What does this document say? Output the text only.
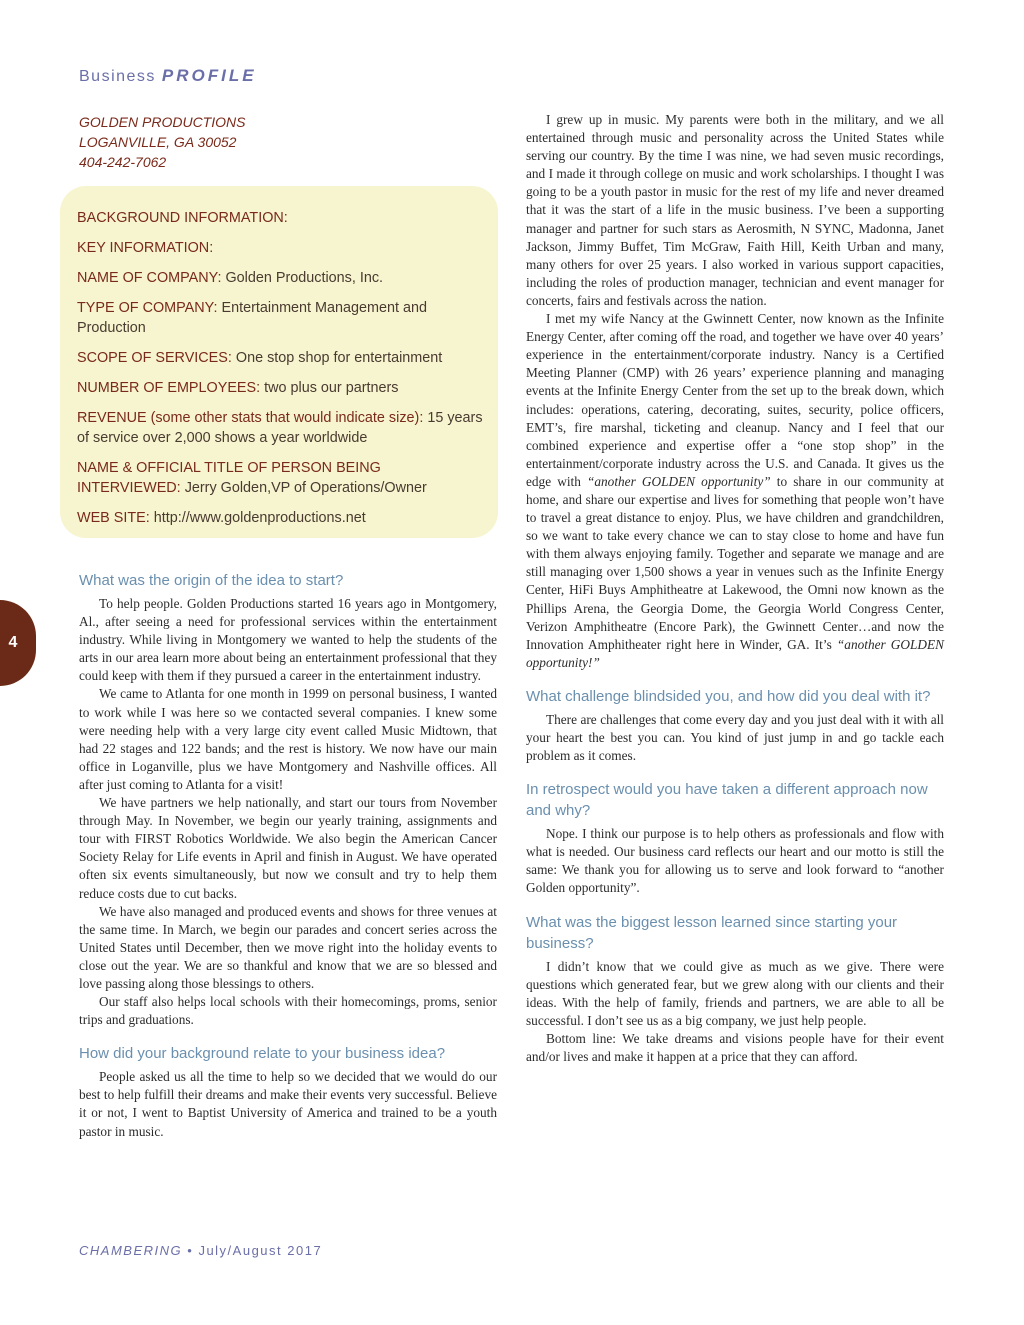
Business PROFILE
GOLDEN PRODUCTIONS
LOGANVILLE, GA 30052
404-242-7062

BACKGROUND INFORMATION:

KEY INFORMATION:

NAME OF COMPANY: Golden Productions, Inc.

TYPE OF COMPANY: Entertainment Management and Production

SCOPE OF SERVICES: One stop shop for entertainment

NUMBER OF EMPLOYEES: two plus our partners

REVENUE (some other stats that would indicate size): 15 years of service over 2,000 shows a year worldwide

NAME & OFFICIAL TITLE OF PERSON BEING INTERVIEWED: Jerry Golden,VP of Operations/Owner

WEB SITE: http://www.goldenproductions.net

4
What was the origin of the idea to start?

To help people. Golden Productions started 16 years ago in Montgomery, Al., after seeing a need for professional services within the entertainment industry. While living in Montgomery we wanted to help the students of the arts in our area learn more about being an entertainment professional that they could keep with them if they pursued a career in the entertainment industry.

We came to Atlanta for one month in 1999 on personal business, I wanted to work while I was here so we contacted several companies. I knew some were needing help with a very large city event called Music Midtown, that had 22 stages and 122 bands; and the rest is history. We now have our main office in Loganville, plus we have Montgomery and Nashville offices. All after just coming to Atlanta for a visit!

We have partners we help nationally, and start our tours from November through May. In November, we begin our yearly training, assignments and tour with FIRST Robotics Worldwide. We also begin the American Cancer Society Relay for Life events in April and finish in August. We have operated often six events simultaneously, but now we consult and try to help them reduce costs due to cut backs.

We have also managed and produced events and shows for three venues at the same time. In March, we begin our parades and concert series across the United States until December, then we move right into the holiday events to close out the year. We are so thankful and know that we are so blessed and love passing along those blessings to others.

Our staff also helps local schools with their homecomings, proms, senior trips and graduations.

How did your background relate to your business idea?

People asked us all the time to help so we decided that we would do our best to help fulfill their dreams and make their events very successful. Believe it or not, I went to Baptist University of America and trained to be a youth pastor in music.

I grew up in music. My parents were both in the military, and we all entertained through music and personality across the United States while serving our country. By the time I was nine, we had seven music recordings, and I made it through college on music and work scholarships. I thought I was going to be a youth pastor in music for the rest of my life and never dreamed that it was the start of a life in the music business. I’ve been a supporting manager and partner for such stars as Aerosmith, N SYNC, Madonna, Janet Jackson, Jimmy Buffet, Tim McGraw, Faith Hill, Keith Urban and many, many others for over 25 years. I also worked in various support capacities, including the roles of production manager, technician and event manager for concerts, fairs and festivals across the nation.

I met my wife Nancy at the Gwinnett Center, now known as the Infinite Energy Center, after coming off the road, and together we have over 40 years’ experience in the entertainment/corporate industry. Nancy is a Certified Meeting Planner (CMP) with 26 years’ experience planning and managing events at the Infinite Energy Center from the set up to the break down, which includes: operations, catering, decorating, suites, security, police officers, EMT’s, fire marshal, ticketing and cleanup. Nancy and I feel that our combined experience and expertise offer a “one stop shop” in the entertainment/corporate industry across the U.S. and Canada. It gives us the edge with “another GOLDEN opportunity” to share in our community at home, and share our expertise and lives for something that people won’t have to travel a great distance to enjoy. Plus, we have children and grandchildren, so we want to take every chance we can to stay close to home and have fun with them always enjoying family. Together and separate we manage and are still managing over 1,500 shows a year in venues such as the Infinite Energy Center, HiFi Buys Amphitheatre at Lakewood, the Omni now known as the Phillips Arena, the Georgia Dome, the Georgia World Congress Center, Verizon Amphitheatre (Encore Park), the Gwinnett Center…and now the Innovation Amphitheater right here in Winder, GA. It’s “another GOLDEN opportunity!”

What challenge blindsided you, and how did you deal with it?

There are challenges that come every day and you just deal with it with all your heart the best you can. You kind of just jump in and go tackle each problem as it comes.

In retrospect would you have taken a different approach now and why?

Nope. I think our purpose is to help others as professionals and flow with what is needed. Our business card reflects our heart and our motto is still the same: We thank you for allowing us to serve and look forward to “another Golden opportunity”.

What was the biggest lesson learned since starting your business?

I didn’t know that we could give as much as we give. There were questions which generated fear, but we grew along with our clients and their ideas. With the help of family, friends and partners, we are able to all be successful. I don’t see us as a big company, we just help people.

Bottom line: We take dreams and visions people have for their event and/or lives and make it happen at a price that they can afford.

CHAMBERING • July/August 2017
